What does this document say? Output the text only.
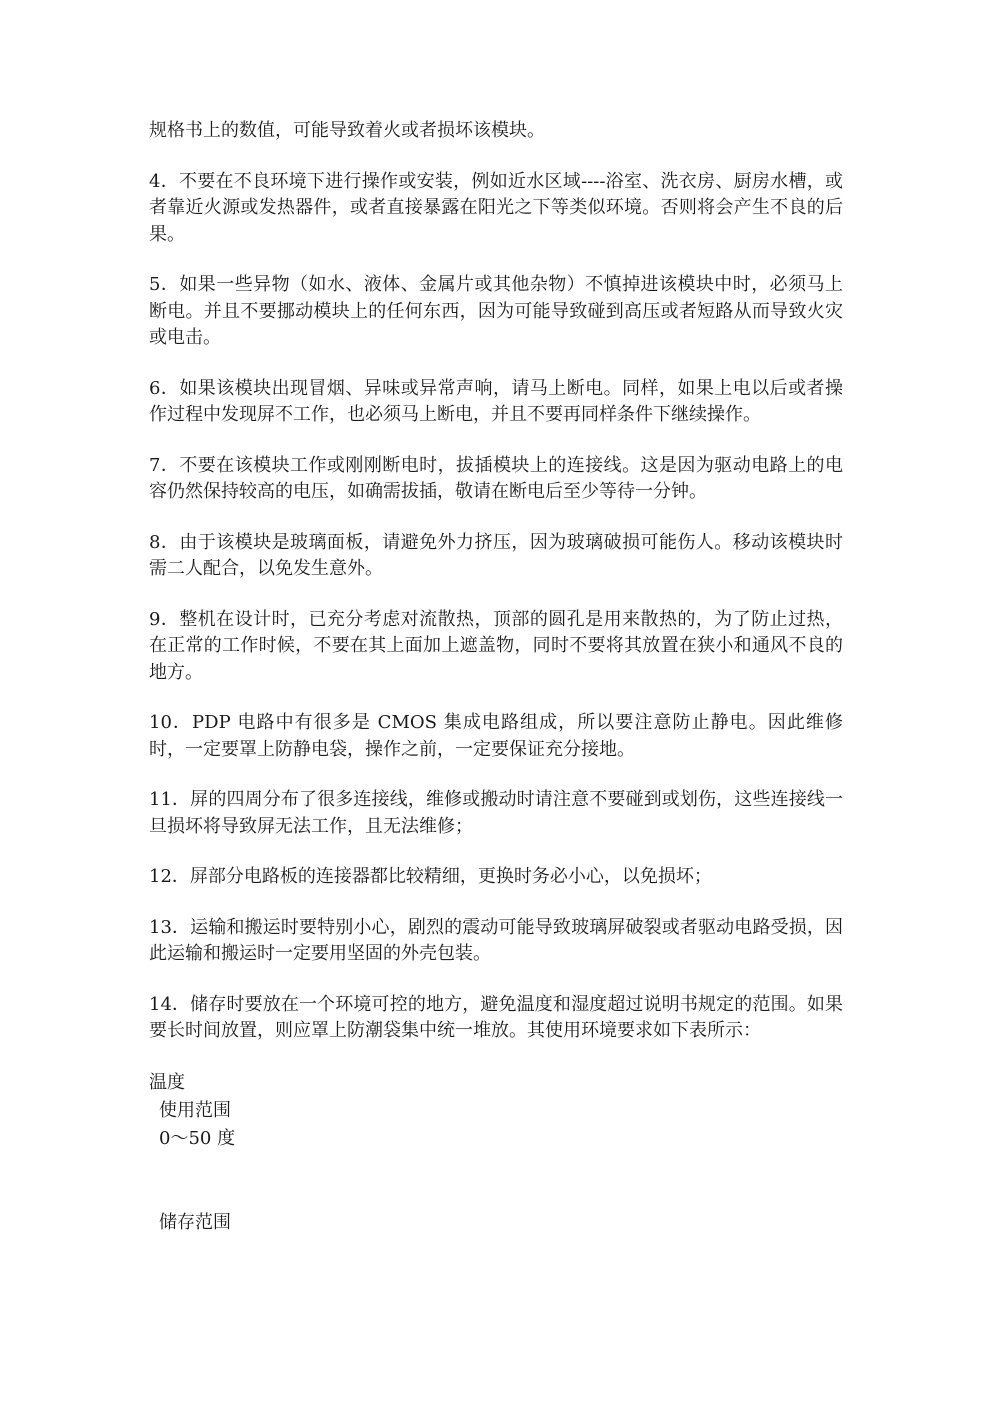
规格书上的数值，可能导致着火或者损坏该模块。

4．不要在不良环境下进行操作或安装，例如近水区域----浴室、洗衣房、厨房水槽，或者靠近火源或发热器件，或者直接暴露在阳光之下等类似环境。否则将会产生不良的后果。

5．如果一些异物（如水、液体、金属片或其他杂物）不慎掉进该模块中时，必须马上断电。并且不要挪动模块上的任何东西，因为可能导致碰到高压或者短路从而导致火灾或电击。

6．如果该模块出现冒烟、异味或异常声响，请马上断电。同样，如果上电以后或者操作过程中发现屏不工作，也必须马上断电，并且不要再同样条件下继续操作。

7．不要在该模块工作或刚刚断电时，拔插模块上的连接线。这是因为驱动电路上的电容仍然保持较高的电压，如确需拔插，敬请在断电后至少等待一分钟。

8．由于该模块是玻璃面板，请避免外力挤压，因为玻璃破损可能伤人。移动该模块时需二人配合，以免发生意外。

9．整机在设计时，已充分考虑对流散热，顶部的圆孔是用来散热的，为了防止过热，在正常的工作时候，不要在其上面加上遮盖物，同时不要将其放置在狭小和通风不良的地方。

10．PDP 电路中有很多是 CMOS 集成电路组成，所以要注意防止静电。因此维修时，一定要罩上防静电袋，操作之前，一定要保证充分接地。

11．屏的四周分布了很多连接线，维修或搬动时请注意不要碰到或划伤，这些连接线一旦损坏将导致屏无法工作，且无法维修；

12．屏部分电路板的连接器都比较精细，更换时务必小心，以免损坏；

13．运输和搬运时要特别小心，剧烈的震动可能导致玻璃屏破裂或者驱动电路受损，因此运输和搬运时一定要用坚固的外壳包装。

14．储存时要放在一个环境可控的地方，避免温度和湿度超过说明书规定的范围。如果要长时间放置，则应罩上防潮袋集中统一堆放。其使用环境要求如下表所示：

温度

使用范围

0～50 度

储存范围
